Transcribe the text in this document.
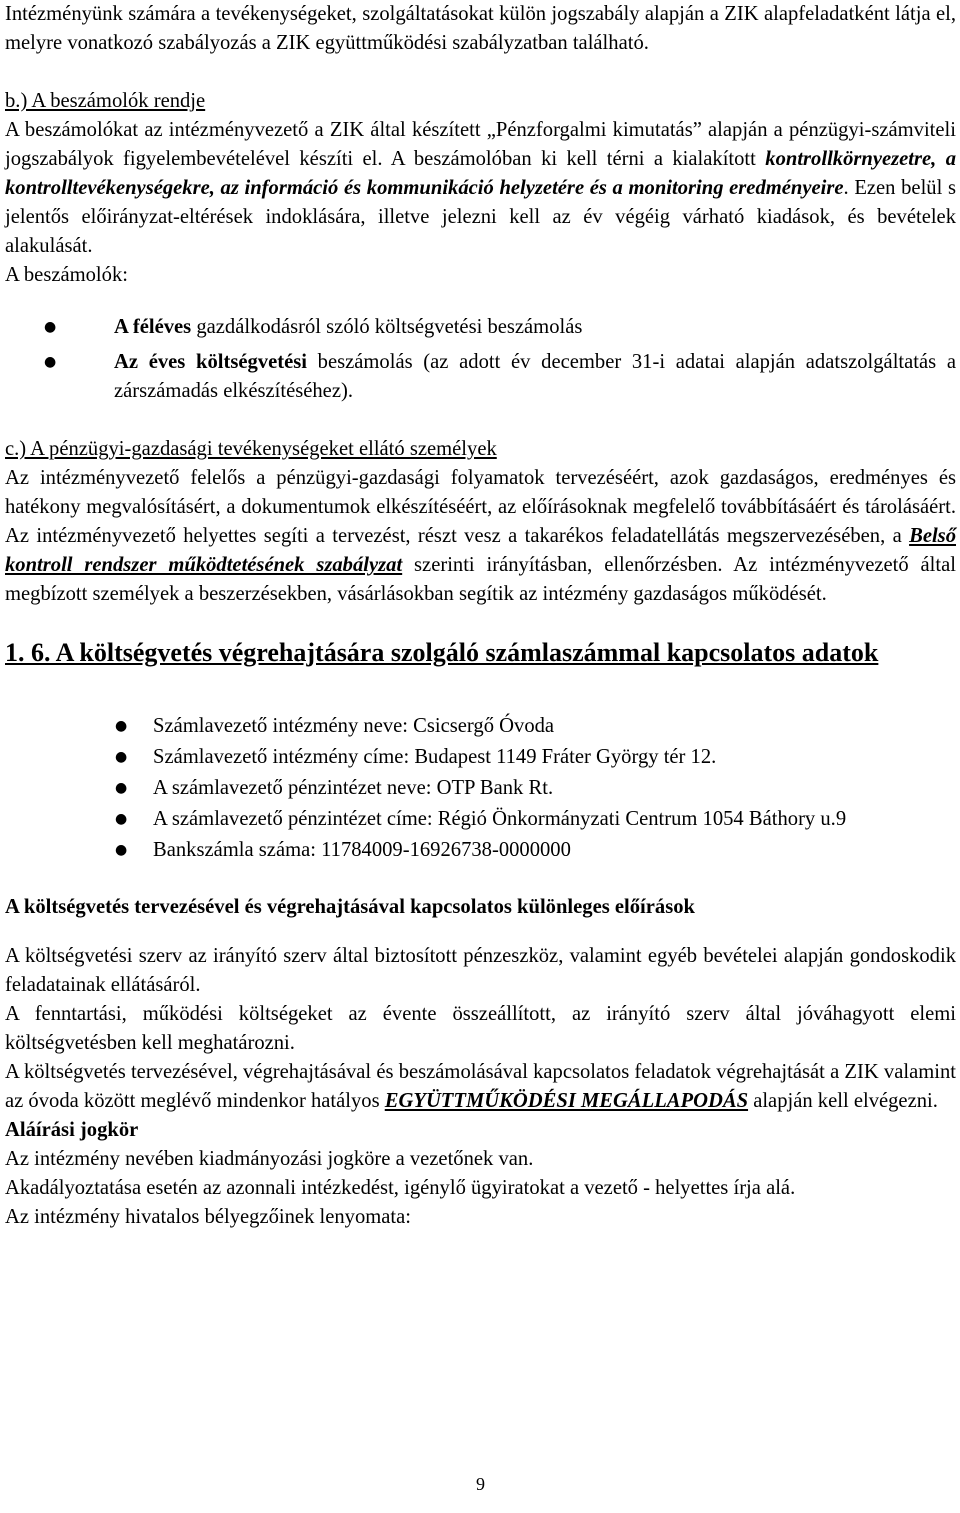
Intézményünk számára a tevékenységeket, szolgáltatásokat külön jogszabály alapján a ZIK alapfeladatként látja el, melyre vonatkozó szabályozás a ZIK együttműködési szabályzatban található.

b.) A beszámolók rendje

A beszámolókat az intézményvezető a ZIK által készített „Pénzforgalmi kimutatás” alapján a pénzügyi-számviteli jogszabályok figyelembevételével készíti el. A beszámolóban ki kell térni a kialakított kontrollkörnyezetre, a kontrolltevékenységekre, az információ és kommunikáció helyzetére és a monitoring eredményeire. Ezen belül s jelentős előirányzat-eltérések indoklására, illetve jelezni kell az év végéig várható kiadások, és bevételek alakulását.

A beszámolók:

● A féléves gazdálkodásról szóló költségvetési beszámolás
● Az éves költségvetési beszámolás (az adott év december 31-i adatai alapján adatszolgáltatás a zárszámadás elkészítéséhez).

c.) A pénzügyi-gazdasági tevékenységeket ellátó személyek

Az intézményvezető felelős a pénzügyi-gazdasági folyamatok tervezéséért, azok gazdaságos, eredményes és hatékony megvalósításért, a dokumentumok elkészítéséért, az előírásoknak megfelelő továbbításáért és tárolásáért. Az intézményvezető helyettes segíti a tervezést, részt vesz a takarékos feladatellátás megszervezésében, a Belső kontroll rendszer működtetésének szabályzat szerinti irányításban, ellenőrzésben. Az intézményvezető által megbízott személyek a beszerzésekben, vásárlásokban segítik az intézmény gazdaságos működését.

1. 6. A költségvetés végrehajtására szolgáló számlaszámmal kapcsolatos adatok

● Számlavezető intézmény neve: Csicsergő Óvoda
● Számlavezető intézmény címe: Budapest 1149 Fráter György tér 12.
● A számlavezető pénzintézet neve: OTP Bank Rt.
● A számlavezető pénzintézet címe: Régió Önkormányzati Centrum 1054 Báthory u.9
● Bankszámla száma: 11784009-16926738-0000000

A költségvetés tervezésével és végrehajtásával kapcsolatos különleges előírások

A költségvetési szerv az irányító szerv által biztosított pénzeszköz, valamint egyéb bevételei alapján gondoskodik feladatainak ellátásáról.

A fenntartási, működési költségeket az évente összeállított, az irányító szerv által jóváhagyott elemi költségvetésben kell meghatározni.

A költségvetés tervezésével, végrehajtásával és beszámolásával kapcsolatos feladatok végrehajtását a ZIK valamint az óvoda között meglévő mindenkor hatályos EGYÜTTMŰKÖDÉSI MEGÁLLAPODÁS alapján kell elvégezni.

Aláírási jogkör

Az intézmény nevében kiadmányozási jogköre a vezetőnek van.

Akadályoztatása esetén az azonnali intézkedést, igénylő ügyiratokat a vezető - helyettes írja alá.

Az intézmény hivatalos bélyegzőinek lenyomata:

9
